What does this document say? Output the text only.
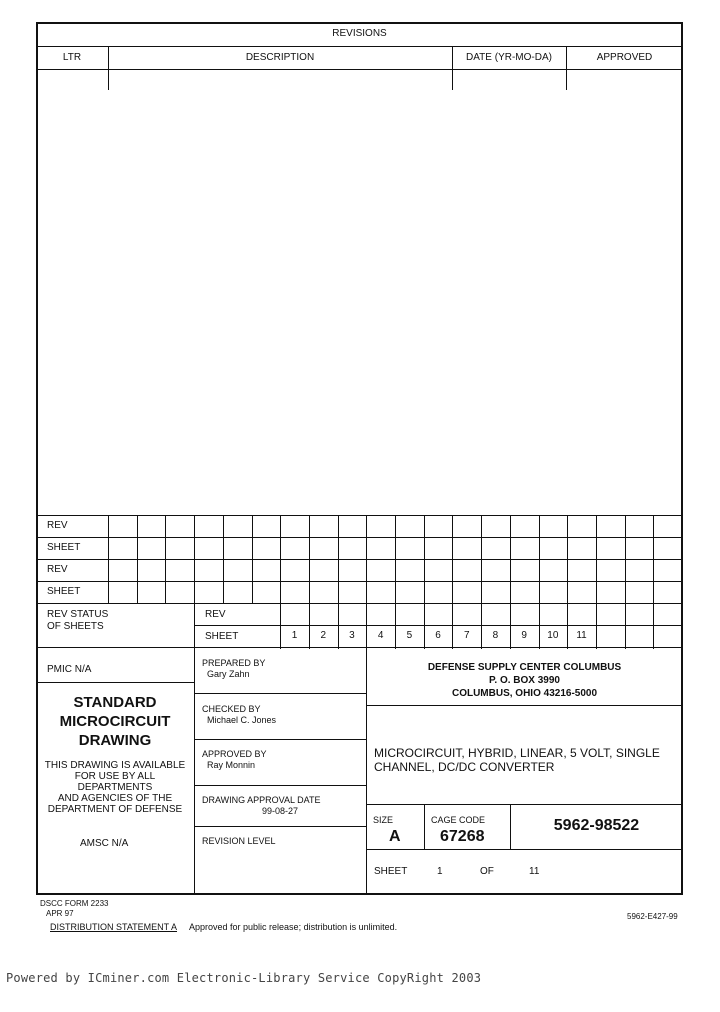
REVISIONS
LTR	DESCRIPTION	DATE (YR-MO-DA)	APPROVED
REV
SHEET
REV
SHEET
REV STATUS
OF SHEETS
REV
SHEET	1	2	3	4	5	6	7	8	9	10	11
PMIC N/A
STANDARD
MICROCIRCUIT
DRAWING
THIS DRAWING IS AVAILABLE
FOR USE BY ALL
DEPARTMENTS
AND AGENCIES OF THE
DEPARTMENT OF DEFENSE
AMSC N/A
PREPARED BY
Gary Zahn
CHECKED BY
Michael C. Jones
APPROVED BY
Ray Monnin
DRAWING APPROVAL DATE
99-08-27
REVISION LEVEL
DEFENSE SUPPLY CENTER COLUMBUS
P. O. BOX 3990
COLUMBUS, OHIO 43216-5000
MICROCIRCUIT, HYBRID, LINEAR, 5 VOLT, SINGLE
CHANNEL, DC/DC CONVERTER
SIZE
A
CAGE CODE
67268
5962-98522
SHEET	1	OF	11
DSCC FORM 2233
APR 97
DISTRIBUTION STATEMENT A Approved for public release; distribution is unlimited.
5962-E427-99
Powered by ICminer.com Electronic-Library Service CopyRight 2003
